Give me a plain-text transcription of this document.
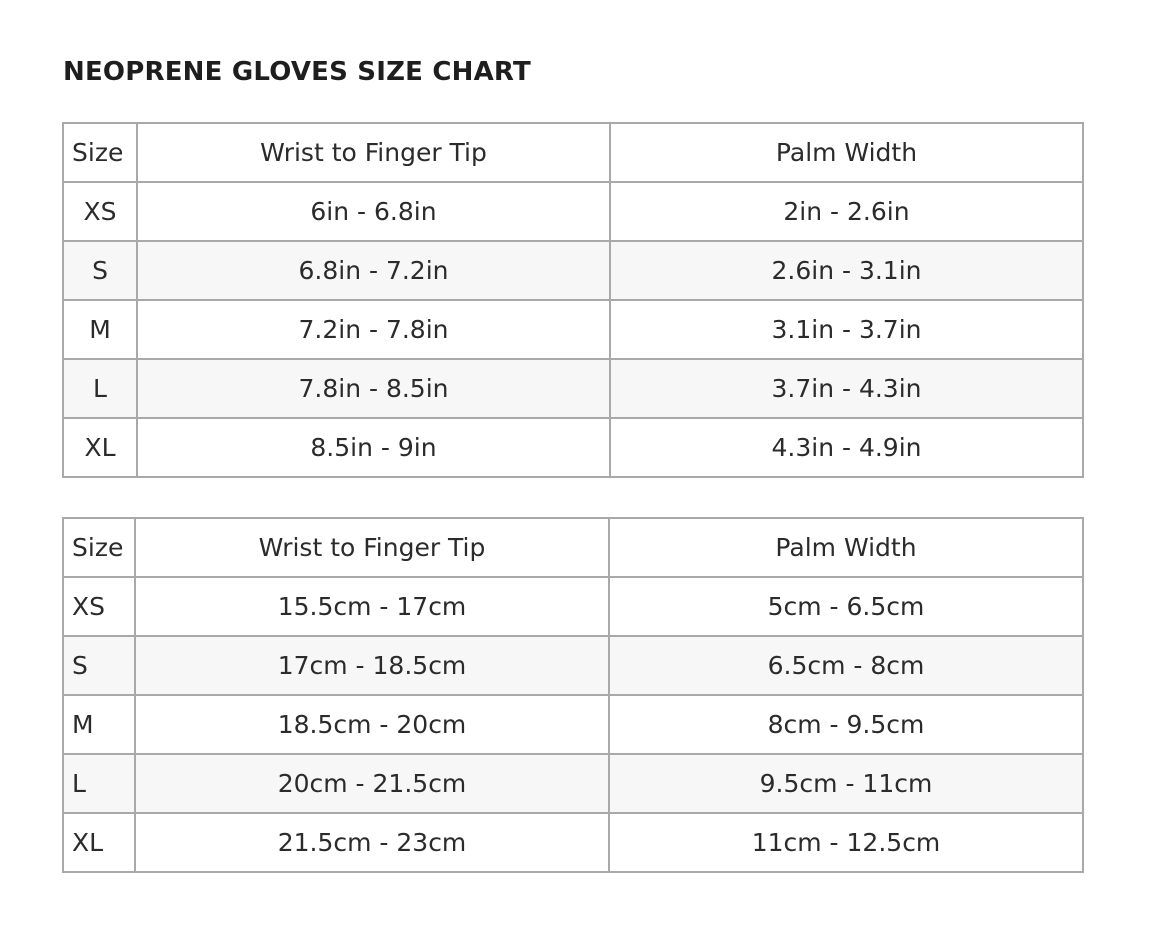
NEOPRENE GLOVES SIZE CHART
Size	Wrist to Finger Tip	Palm Width
XS	6in - 6.8in	2in - 2.6in
S	6.8in - 7.2in	2.6in - 3.1in
M	7.2in - 7.8in	3.1in - 3.7in
L	7.8in - 8.5in	3.7in - 4.3in
XL	8.5in - 9in	4.3in - 4.9in
Size	Wrist to Finger Tip	Palm Width
XS	15.5cm - 17cm	5cm - 6.5cm
S	17cm - 18.5cm	6.5cm - 8cm
M	18.5cm - 20cm	8cm - 9.5cm
L	20cm - 21.5cm	9.5cm - 11cm
XL	21.5cm - 23cm	11cm - 12.5cm
